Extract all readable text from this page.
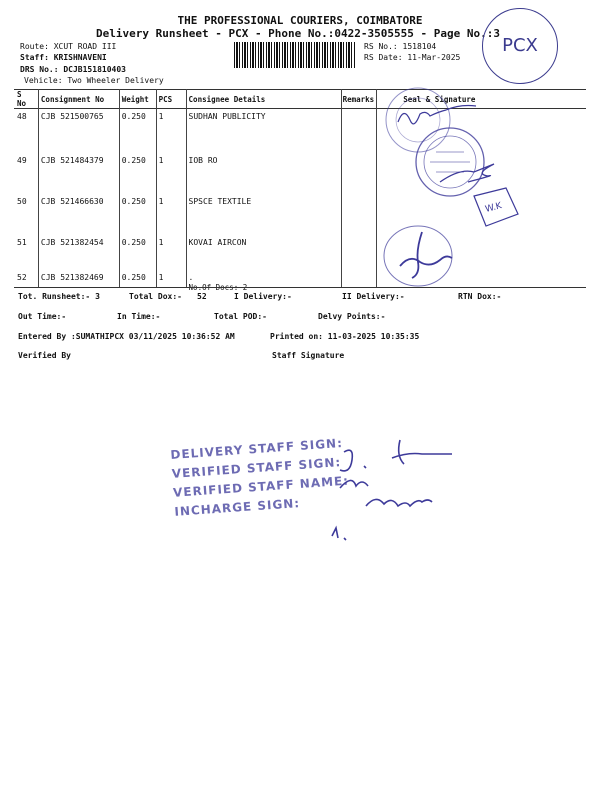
THE PROFESSIONAL COURIERS, COIMBATORE
Delivery Runsheet - PCX - Phone No.:0422-3505555 - Page No.:3
PCX
Route: XCUT ROAD III
Staff: KRISHNAVENI
DRS No.: DCJB151810403
Vehicle: Two Wheeler Delivery
RS No.: 1518104
RS Date: 11-Mar-2025
S No	Consignment No	Weight	PCS	Consignee Details	Remarks	Seal & Signature
48	CJB 521500765	0.250	1	SUDHAN PUBLICITY		
49	CJB 521484379	0.250	1	IOB RO		
50	CJB 521466630	0.250	1	SPSCE TEXTILE		
51	CJB 521382454	0.250	1	KOVAI AIRCON		
52	CJB 521382469	0.250	1	.
No.Of Docs: 2		

W.K
Tot. Runsheet:- 3	Total Dox:- 52	I Delivery:-	II Delivery:-	RTN Dox:-
Out Time:-	In Time:-	Total POD:-	Delvy Points:-
Entered By :SUMATHIPCX 03/11/2025 10:36:52 AM	Printed on: 11-03-2025 10:35:35
Verified By	Staff Signature
DELIVERY STAFF SIGN:
VERIFIED STAFF SIGN:
VERIFIED STAFF NAME:
INCHARGE SIGN:
